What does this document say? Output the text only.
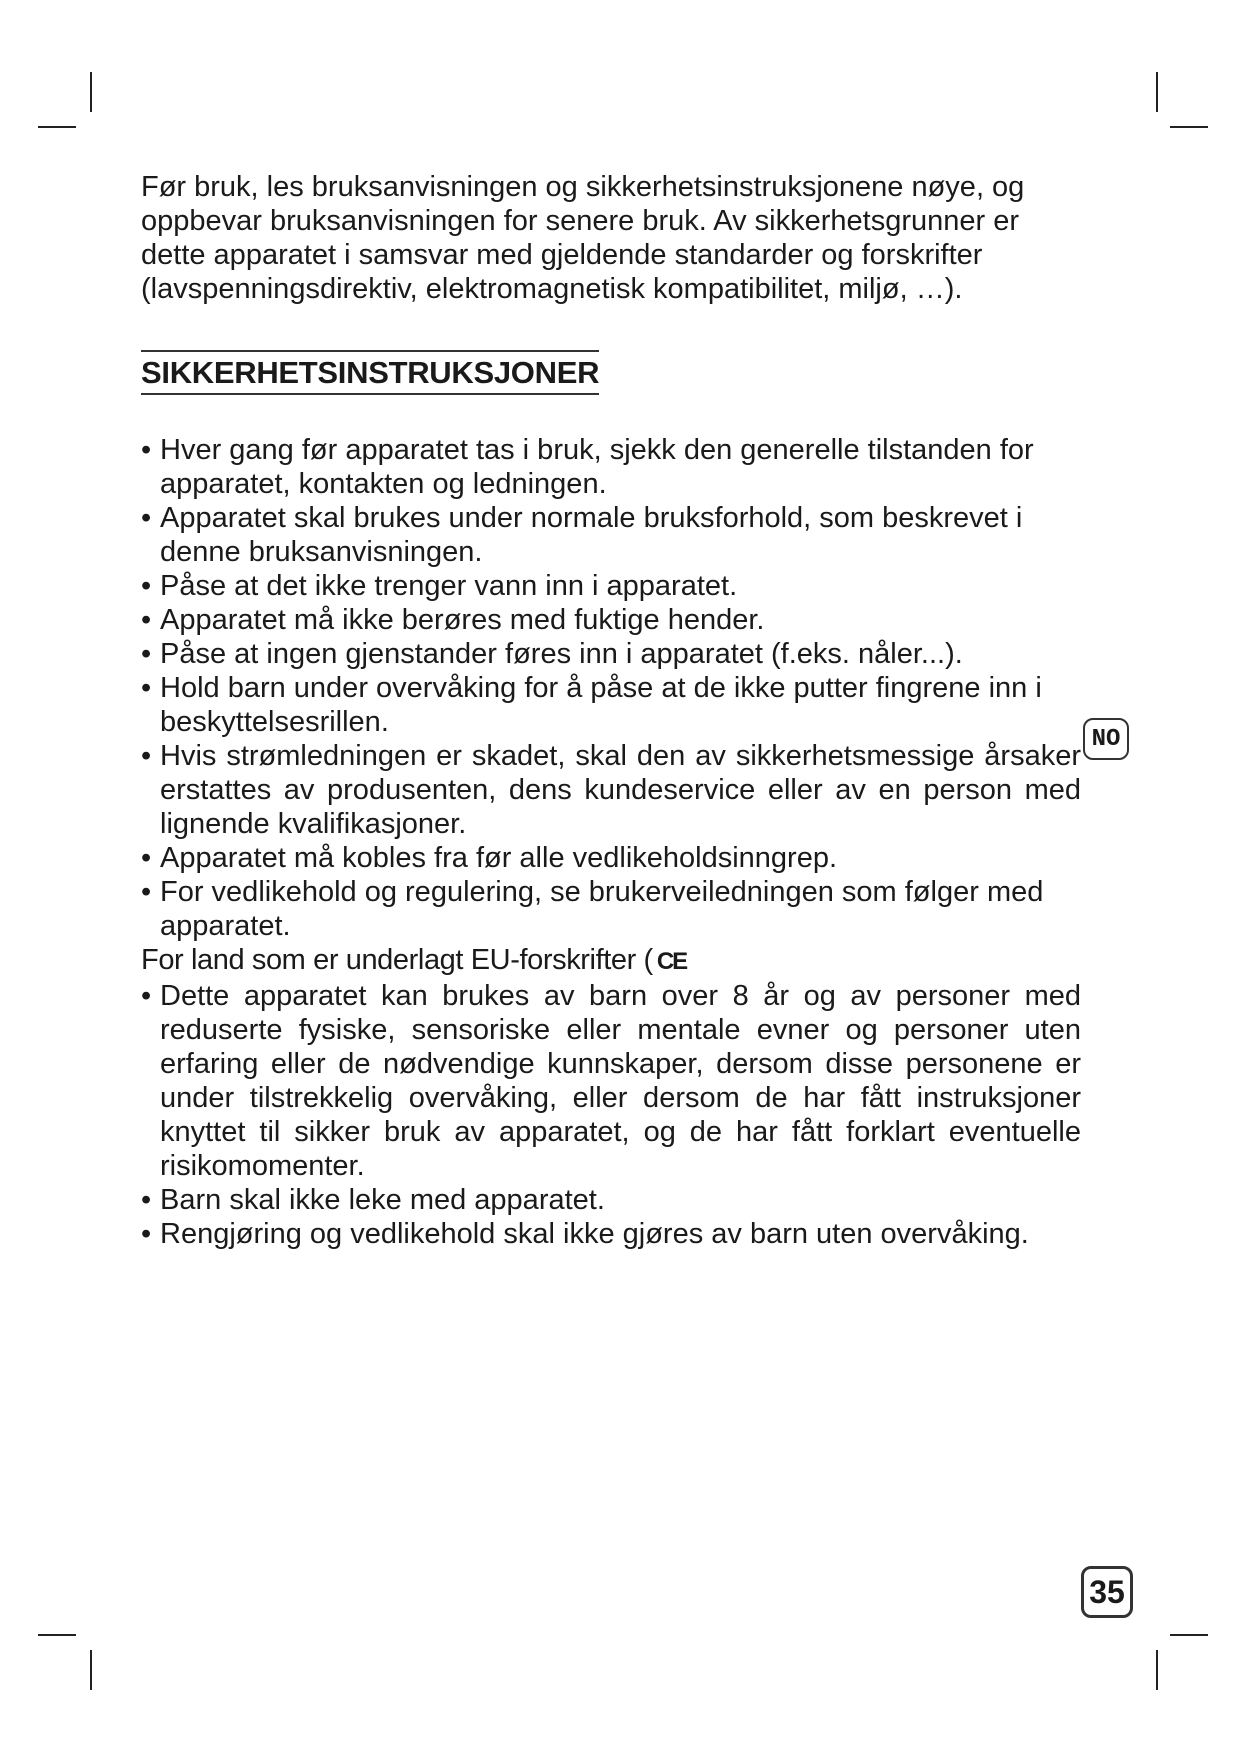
Før bruk, les bruksanvisningen og sikkerhetsinstruksjonene nøye, og oppbevar bruksanvisningen for senere bruk. Av sikkerhetsgrunner er dette apparatet i samsvar med gjeldende standarder og forskrifter (lavspenningsdirektiv, elektromagnetisk kompatibilitet, miljø, …).

SIKKERHETSINSTRUKSJONER
• Hver gang før apparatet tas i bruk, sjekk den generelle tilstanden for apparatet, kontakten og ledningen.
• Apparatet skal brukes under normale bruksforhold, som beskrevet i denne bruksanvisningen.
• Påse at det ikke trenger vann inn i apparatet.
• Apparatet må ikke berøres med fuktige hender.
• Påse at ingen gjenstander føres inn i apparatet (f.eks. nåler...).
• Hold barn under overvåking for å påse at de ikke putter fingrene inn i beskyttelsesrillen.
• Hvis strømledningen er skadet, skal den av sikkerhetsmessige årsaker erstattes av produsenten, dens kundeservice eller av en person med lignende kvalifikasjoner.
• Apparatet må kobles fra før alle vedlikeholdsinngrep.
• For vedlikehold og regulering, se brukerveiledningen som følger med apparatet.

For land som er underlagt EU-forskrifter ( CE

• Dette apparatet kan brukes av barn over 8 år og av personer med reduserte fysiske, sensoriske eller mentale evner og personer uten erfaring eller de nødvendige kunnskaper, dersom disse personene er under tilstrekkelig overvåking, eller dersom de har fått instruksjoner knyttet til sikker bruk av apparatet, og de har fått forklart eventuelle risikomomenter.
• Barn skal ikke leke med apparatet.
• Rengjøring og vedlikehold skal ikke gjøres av barn uten overvåking.
NO
35
